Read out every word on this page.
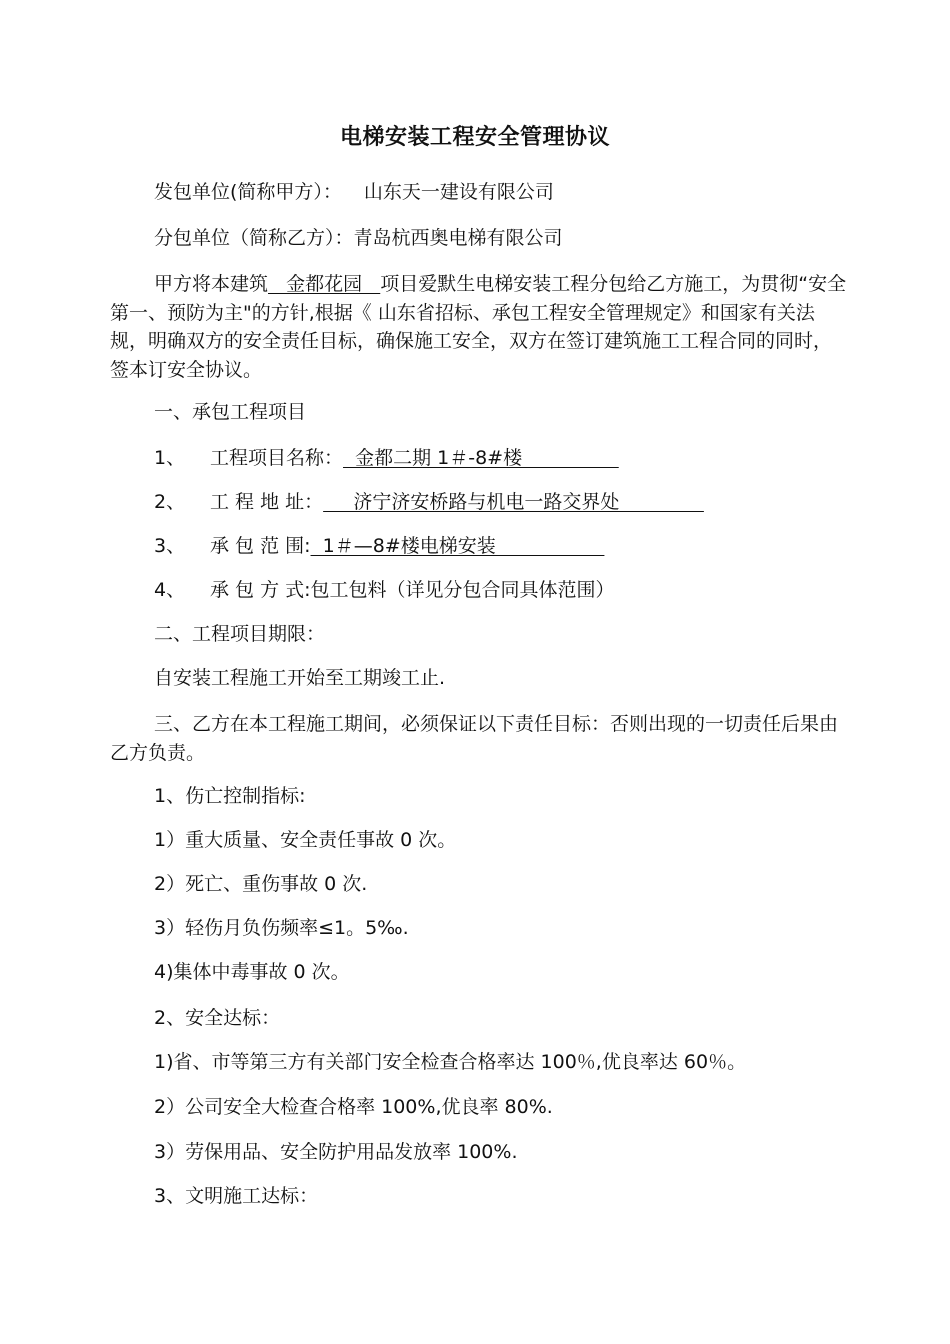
电梯安装工程安全管理协议
发包单位(简称甲方）： 山东天一建设有限公司
分包单位（简称乙方）：青岛杭西奥电梯有限公司
甲方将本建筑   金都花园   项目爱默生电梯安装工程分包给乙方施工，为贯彻“安全第一、预防为主"的方针,根据《 山东省招标、承包工程安全管理规定》和国家有关法规，明确双方的安全责任目标，确保施工安全，双方在签订建筑施工工程合同的同时，签本订安全协议。
一、承包工程项目
1、 工程项目名称：  金都二期 1＃-8#楼
2、 工 程 地 址：     济宁济安桥路与机电一路交界处
3、 承 包 范 围:  1＃—8#楼电梯安装
4、 承 包 方 式:包工包料（详见分包合同具体范围）
二、工程项目期限：
自安装工程施工开始至工期竣工止.
三、乙方在本工程施工期间，必须保证以下责任目标：否则出现的一切责任后果由乙方负责。
1、伤亡控制指标:
1）重大质量、安全责任事故 0 次。
2）死亡、重伤事故 0 次.
3）轻伤月负伤频率≤1。5‰.
4)集体中毒事故 0 次。
2、安全达标：
1)省、市等第三方有关部门安全检查合格率达 100％,优良率达 60％。
2）公司安全大检查合格率 100%,优良率 80%.
3）劳保用品、安全防护用品发放率 100%.
3、文明施工达标：
